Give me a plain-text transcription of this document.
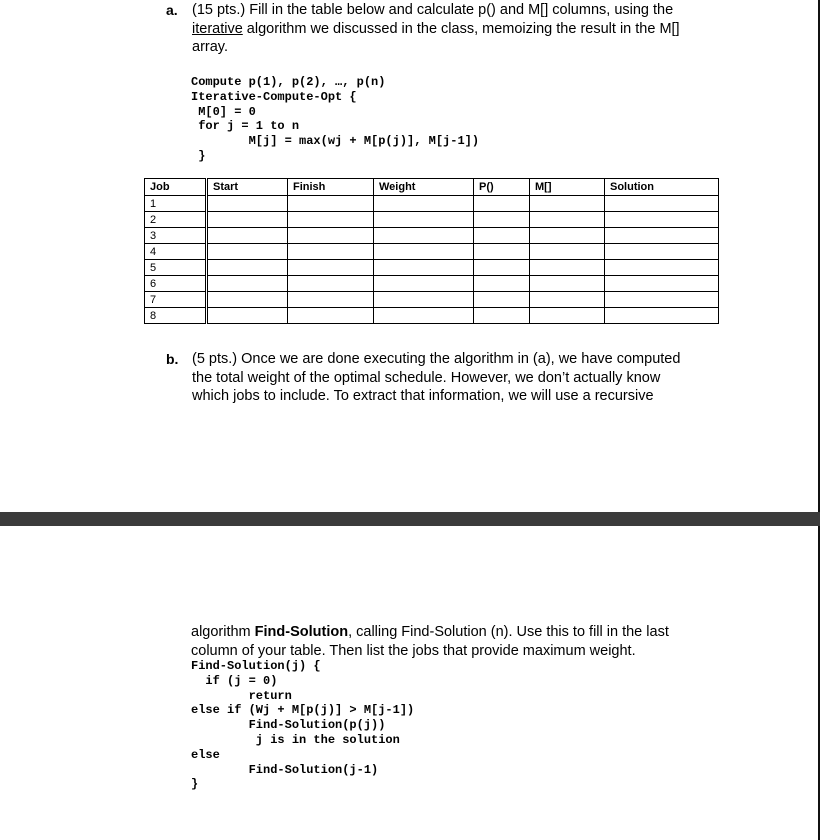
a. (15 pts.) Fill in the table below and calculate p() and M[] columns, using the
iterative algorithm we discussed in the class, memoizing the result in the M[]
array.
Compute p(1), p(2), …, p(n)
Iterative-Compute-Opt {
M[0] = 0
for j = 1 to n
M[j] = max(wj + M[p(j)], M[j-1])
}
Job	Start	Finish	Weight	P()	M[]	Solution
1						
2						
3						
4						
5						
6						
7						
8						
b. (5 pts.) Once we are done executing the algorithm in (a), we have computed
the total weight of the optimal schedule. However, we don’t actually know
which jobs to include. To extract that information, we will use a recursive
algorithm Find-Solution, calling Find-Solution (n). Use this to fill in the last
column of your table. Then list the jobs that provide maximum weight.
Find-Solution(j) {
if (j = 0)
return
else if (Wj + M[p(j)] > M[j-1])
Find-Solution(p(j))
j is in the solution
else
Find-Solution(j-1)
}
